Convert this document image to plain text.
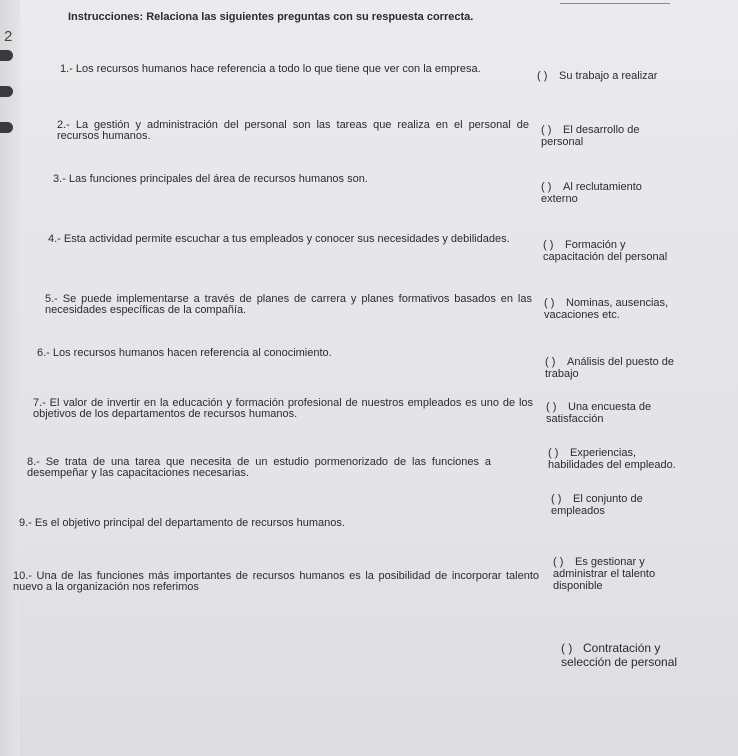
2
Instrucciones: Relaciona las siguientes preguntas con su respuesta correcta.

1.- Los recursos humanos hace referencia a todo lo que tiene que ver con la empresa.

2.- La gestión y administración del personal son las tareas que realiza en el personal de recursos humanos.

3.- Las funciones principales del área de recursos humanos son.

4.- Esta actividad permite escuchar a tus empleados y conocer sus necesidades y debilidades.

5.- Se puede implementarse a través de planes de carrera y planes formativos basados en las necesidades específicas de la compañía.

6.- Los recursos humanos hacen referencia al conocimiento.

7.- El valor de invertir en la educación y formación profesional de nuestros empleados es uno de los objetivos de los departamentos de recursos humanos.

8.- Se trata de una tarea que necesita de un estudio pormenorizado de las funciones a desempeñar y las capacitaciones necesarias.

9.- Es el objetivo principal del departamento de recursos humanos.

10.- Una de las funciones más importantes de recursos humanos es la posibilidad de incorporar talento nuevo a la organización nos referimos

( ) Su trabajo a realizar
( ) El desarrollo de
personal
( ) Al reclutamiento
externo
( ) Formación y
capacitación del personal
( ) Nominas, ausencias,
vacaciones etc.
( ) Análisis del puesto de
trabajo
( ) Una encuesta de
satisfacción
( ) Experiencias,
habilidades del empleado.
( ) El conjunto de
empleados
( ) Es gestionar y
administrar el talento
disponible
( ) Contratación y
selección de personal
